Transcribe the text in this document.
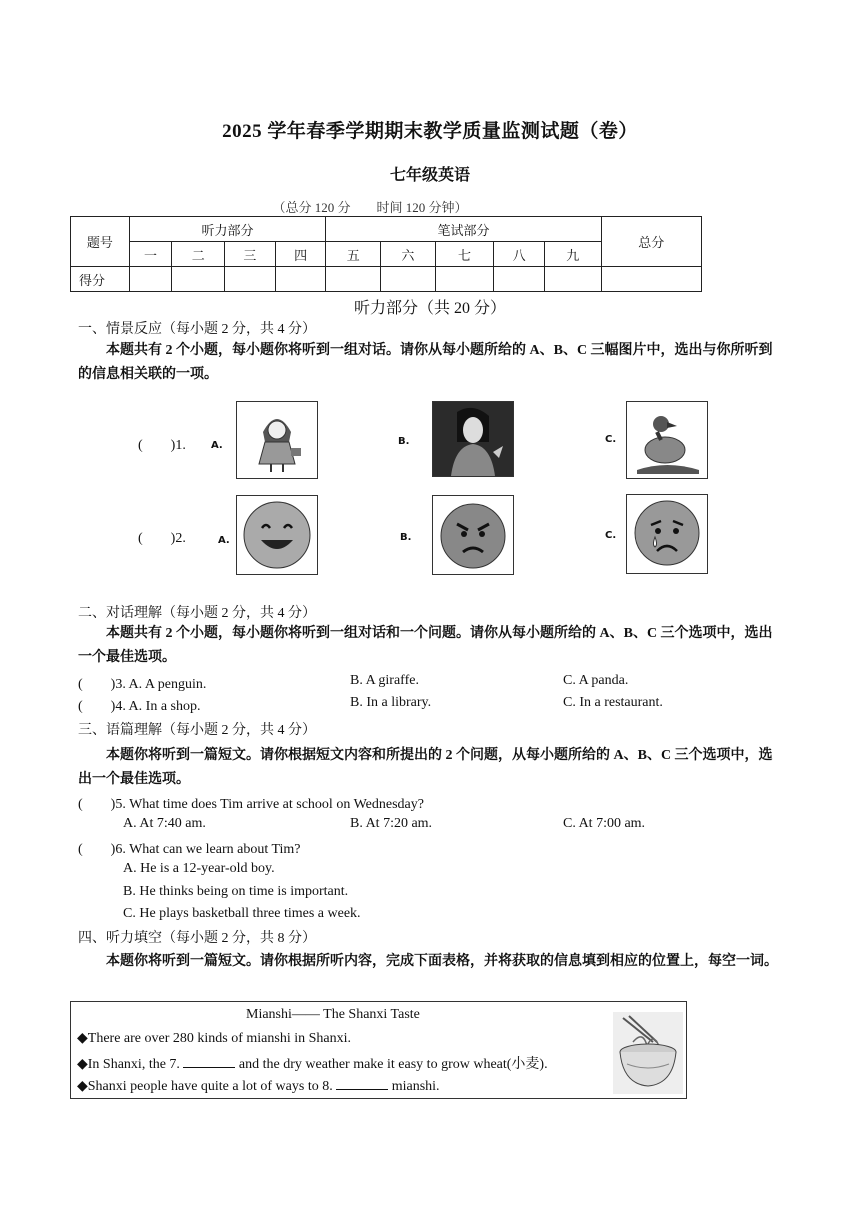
2025 学年春季学期期末教学质量监测试题（卷）
七年级英语
（总分 120 分　　时间 120 分钟）
题号	听力部分				笔试部分					总分
	一	二	三	四	五	六	七	八	九	
得分										
听力部分（共 20 分）
一、情景反应（每小题 2 分，共 4 分）
本题共有 2 个小题，每小题你将听到一组对话。请你从每小题所给的 A、B、C 三幅图片中，选出与你所听到的信息相关联的一项。
(　　)1.	A.	B.	C.
(　　)2.	A.	B.	C.
二、对话理解（每小题 2 分，共 4 分）
本题共有 2 个小题，每小题你将听到一组对话和一个问题。请你从每小题所给的 A、B、C 三个选项中，选出一个最佳选项。
(　　)3. A. A penguin.	B. A giraffe.	C. A panda.
(　　)4. A. In a shop.	B. In a library.	C. In a restaurant.
三、语篇理解（每小题 2 分，共 4 分）
本题你将听到一篇短文。请你根据短文内容和所提出的 2 个问题，从每小题所给的 A、B、C 三个选项中，选出一个最佳选项。
(　　)5. What time does Tim arrive at school on Wednesday?
A. At 7:40 am.	B. At 7:20 am.	C. At 7:00 am.
(　　)6. What can we learn about Tim?
A. He is a 12-year-old boy.
B. He thinks being on time is important.
C. He plays basketball three times a week.
四、听力填空（每小题 2 分，共 8 分）
本题你将听到一篇短文。请你根据所听内容，完成下面表格，并将获取的信息填到相应的位置上，每空一词。
Mianshi—— The Shanxi Taste
◆There are over 280 kinds of mianshi in Shanxi.
◆In Shanxi, the 7.	and the dry weather make it easy to grow wheat(小麦).
◆Shanxi people have quite a lot of ways to 8.	mianshi.
